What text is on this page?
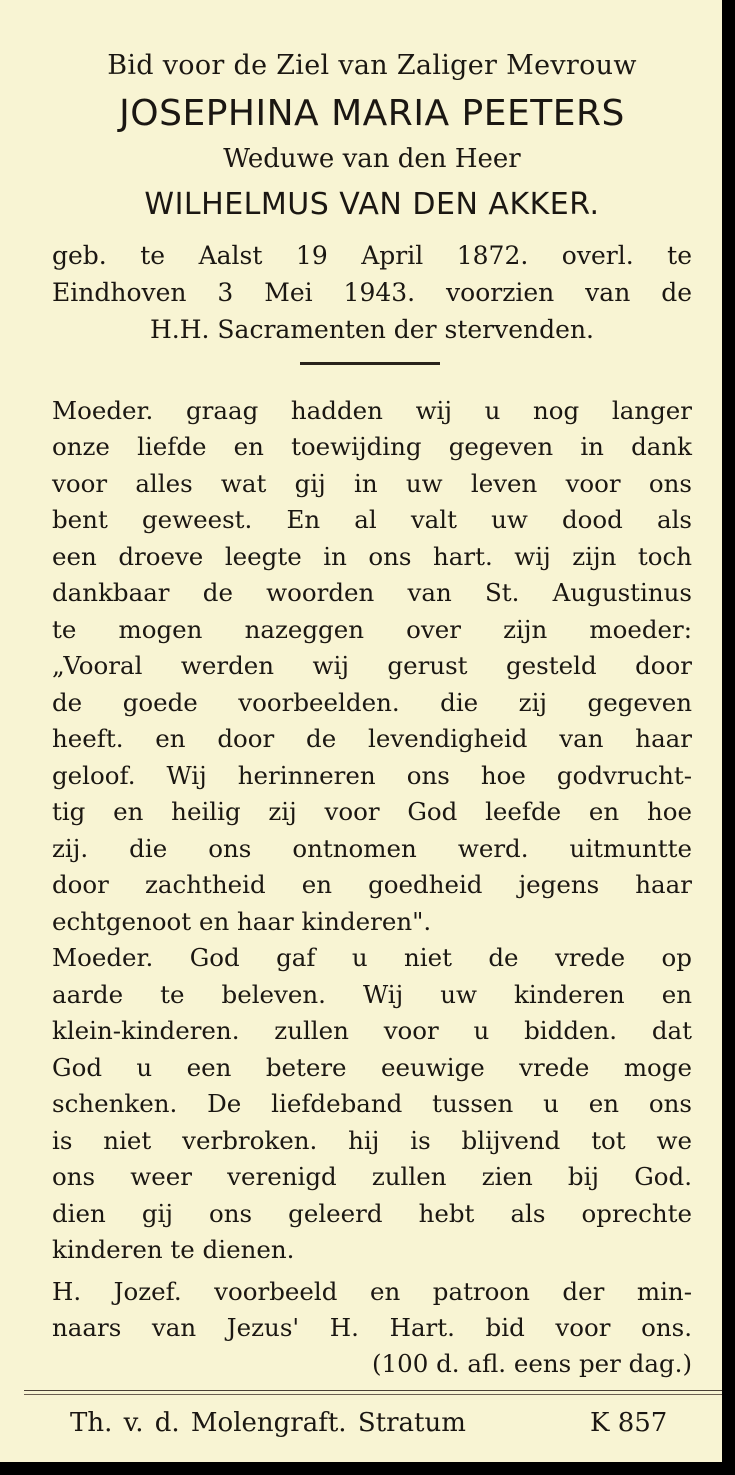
Bid voor de Ziel van Zaliger Mevrouw
JOSEPHINA MARIA PEETERS
Weduwe van den Heer
WILHELMUS VAN DEN AKKER.
geb. te Aalst 19 April 1872. overl. te
Eindhoven 3 Mei 1943. voorzien van de
H.H. Sacramenten der stervenden.
Moeder. graag hadden wij u nog langer
onze liefde en toewijding gegeven in dank
voor alles wat gij in uw leven voor ons
bent geweest. En al valt uw dood als
een droeve leegte in ons hart. wij zijn toch
dankbaar de woorden van St. Augustinus
te mogen nazeggen over zijn moeder:
„Vooral werden wij gerust gesteld door
de goede voorbeelden. die zij gegeven
heeft. en door de levendigheid van haar
geloof. Wij herinneren ons hoe godvrucht-
tig en heilig zij voor God leefde en hoe
zij. die ons ontnomen werd. uitmuntte
door zachtheid en goedheid jegens haar
echtgenoot en haar kinderen".
Moeder. God gaf u niet de vrede op
aarde te beleven. Wij uw kinderen en
klein-kinderen. zullen voor u bidden. dat
God u een betere eeuwige vrede moge
schenken. De liefdeband tussen u en ons
is niet verbroken. hij is blijvend tot we
ons weer verenigd zullen zien bij God.
dien gij ons geleerd hebt als oprechte
kinderen te dienen.
H. Jozef. voorbeeld en patroon der min-
naars van Jezus' H. Hart. bid voor ons.
(100 d. afl. eens per dag.)
Th. v. d. Molengraft. Stratum	K 857
